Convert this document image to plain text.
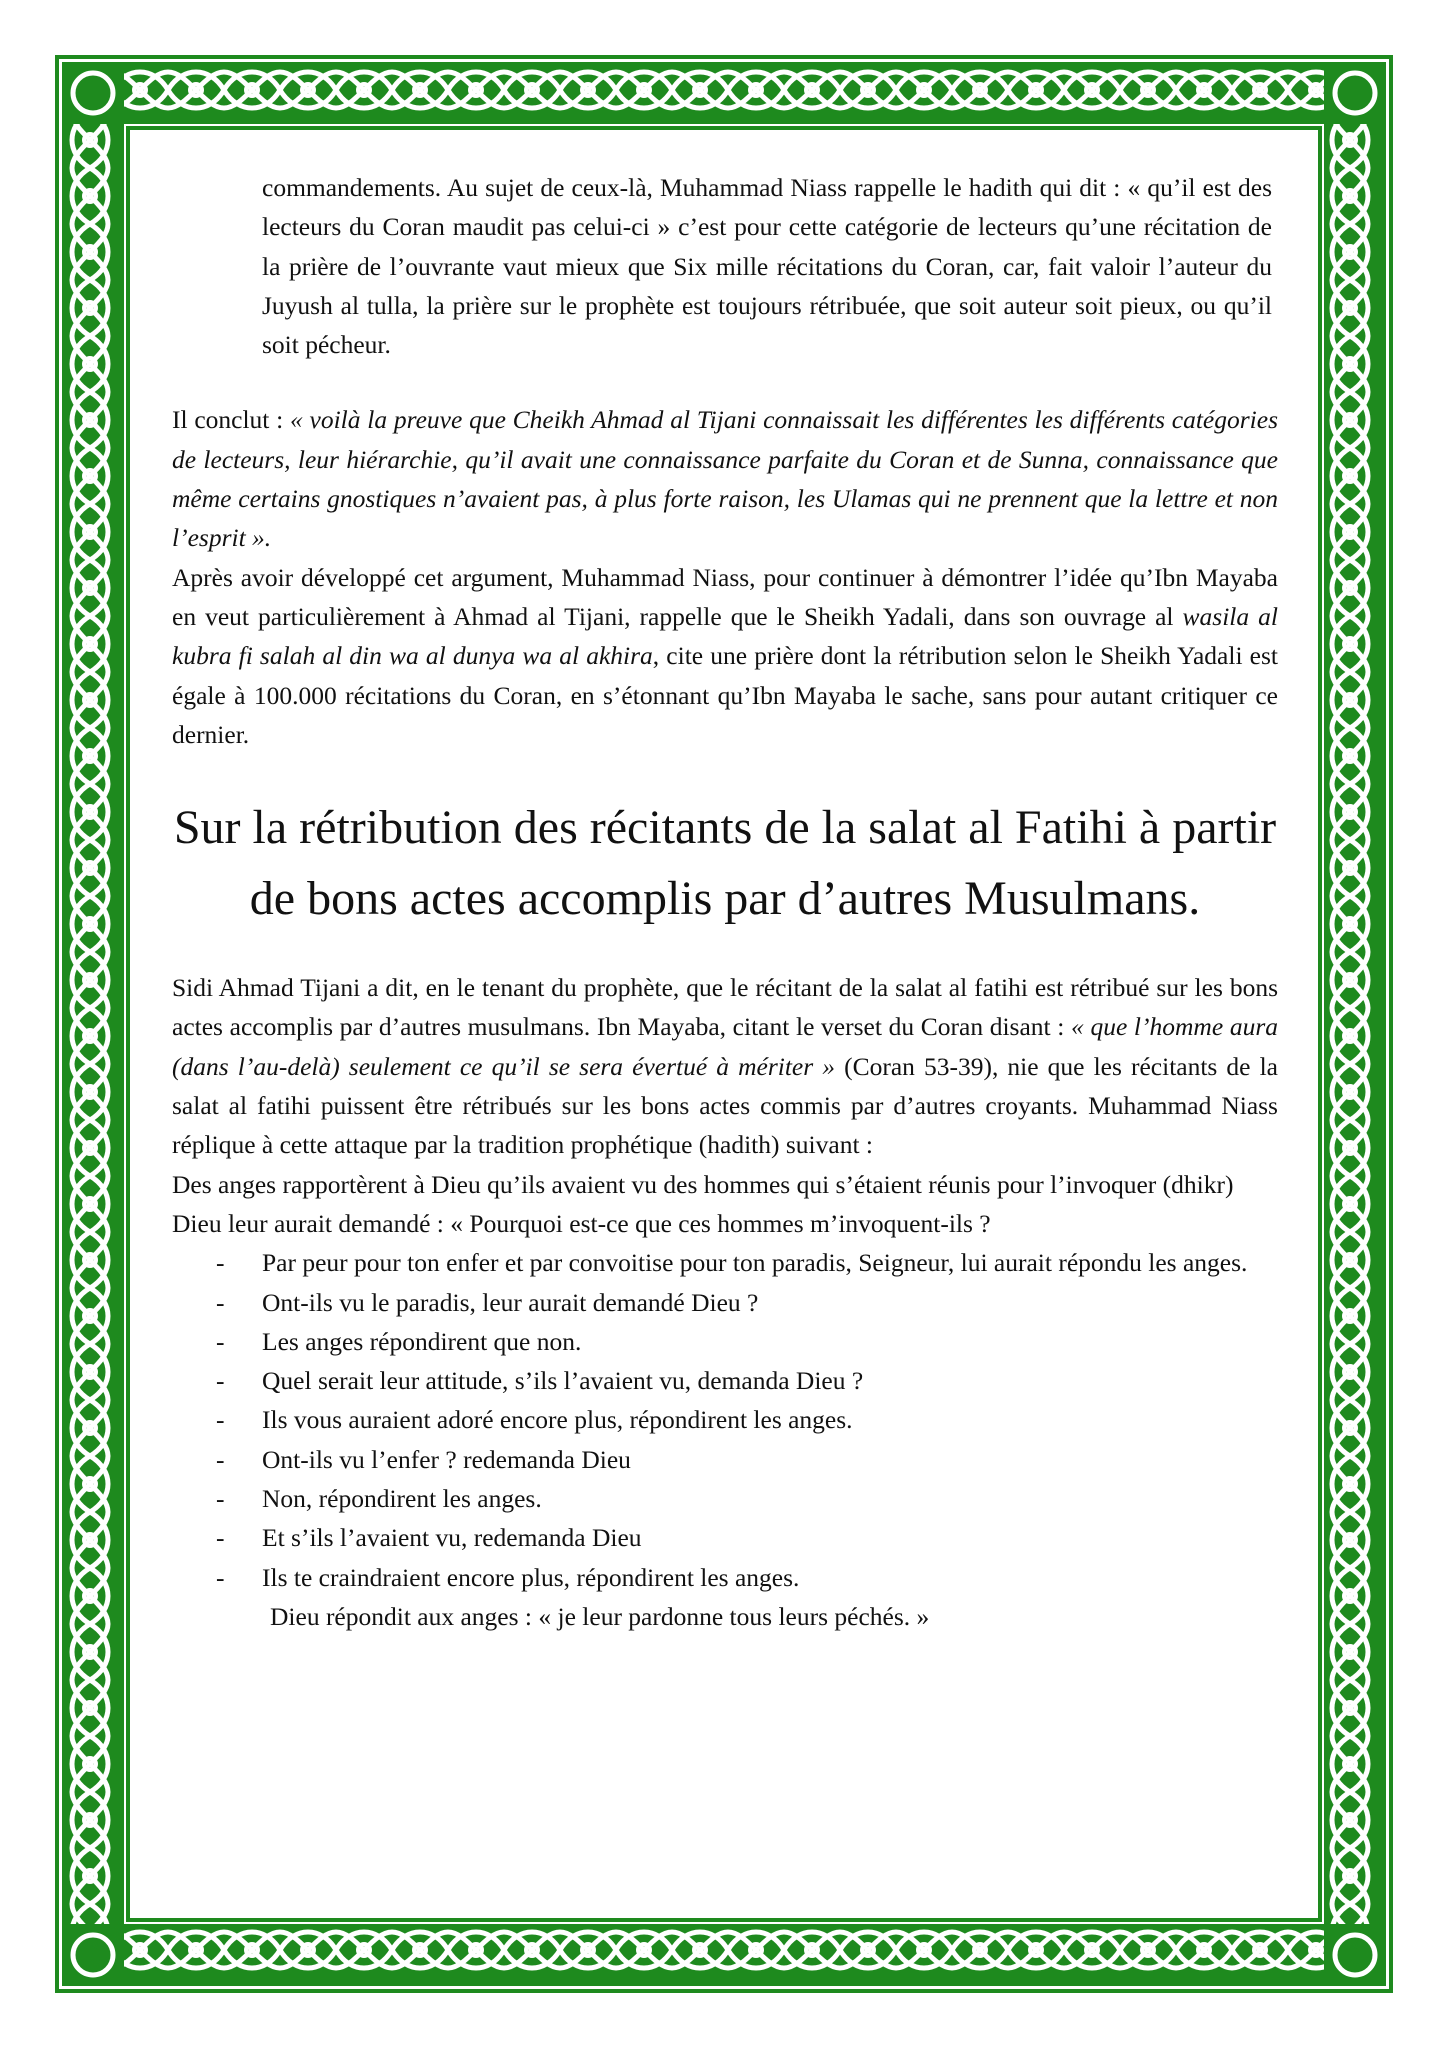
commandements. Au sujet de ceux-là, Muhammad Niass rappelle le hadith qui dit : « qu’il est des lecteurs du Coran maudit pas celui-ci » c’est pour cette catégorie de lecteurs qu’une récitation de la prière de l’ouvrante vaut mieux que Six mille récitations du Coran, car, fait valoir l’auteur du Juyush al tulla, la prière sur le prophète est toujours rétribuée, que soit auteur soit pieux, ou qu’il soit pécheur.

Il conclut : « voilà la preuve que Cheikh Ahmad al Tijani connaissait les différentes les différents catégories de lecteurs, leur hiérarchie, qu’il avait une connaissance parfaite du Coran et de Sunna, connaissance que même certains gnostiques n’avaient pas, à plus forte raison, les Ulamas qui ne prennent que la lettre et non l’esprit ».

Après avoir développé cet argument, Muhammad Niass, pour continuer à démontrer l’idée qu’Ibn Mayaba en veut particulièrement à Ahmad al Tijani, rappelle que le Sheikh Yadali, dans son ouvrage al wasila al kubra fi salah al din wa al dunya wa al akhira, cite une prière dont la rétribution selon le Sheikh Yadali est égale à 100.000 récitations du Coran, en s’étonnant qu’Ibn Mayaba le sache, sans pour autant critiquer ce dernier.

Sur la rétribution des récitants de la salat al Fatihi à partir de bons actes accomplis par d’autres Musulmans.

Sidi Ahmad Tijani a dit, en le tenant du prophète, que le récitant de la salat al fatihi est rétribué sur les bons actes accomplis par d’autres musulmans. Ibn Mayaba, citant le verset du Coran disant : « que l’homme aura (dans l’au-delà) seulement ce qu’il se sera évertué à mériter » (Coran 53-39), nie que les récitants de la salat al fatihi puissent être rétribués sur les bons actes commis par d’autres croyants. Muhammad Niass réplique à cette attaque par la tradition prophétique (hadith) suivant :

Des anges rapportèrent à Dieu qu’ils avaient vu des hommes qui s’étaient réunis pour l’invoquer (dhikr)

Dieu leur aurait demandé : « Pourquoi est-ce que ces hommes m’invoquent-ils ?

- Par peur pour ton enfer et par convoitise pour ton paradis, Seigneur, lui aurait répondu les anges.
- Ont-ils vu le paradis, leur aurait demandé Dieu ?
- Les anges répondirent que non.
- Quel serait leur attitude, s’ils l’avaient vu, demanda Dieu ?
- Ils vous auraient adoré encore plus, répondirent les anges.
- Ont-ils vu l’enfer ? redemanda Dieu
- Non, répondirent les anges.
- Et s’ils l’avaient vu, redemanda Dieu
- Ils te craindraient encore plus, répondirent les anges.

Dieu répondit aux anges : « je leur pardonne tous leurs péchés. »
